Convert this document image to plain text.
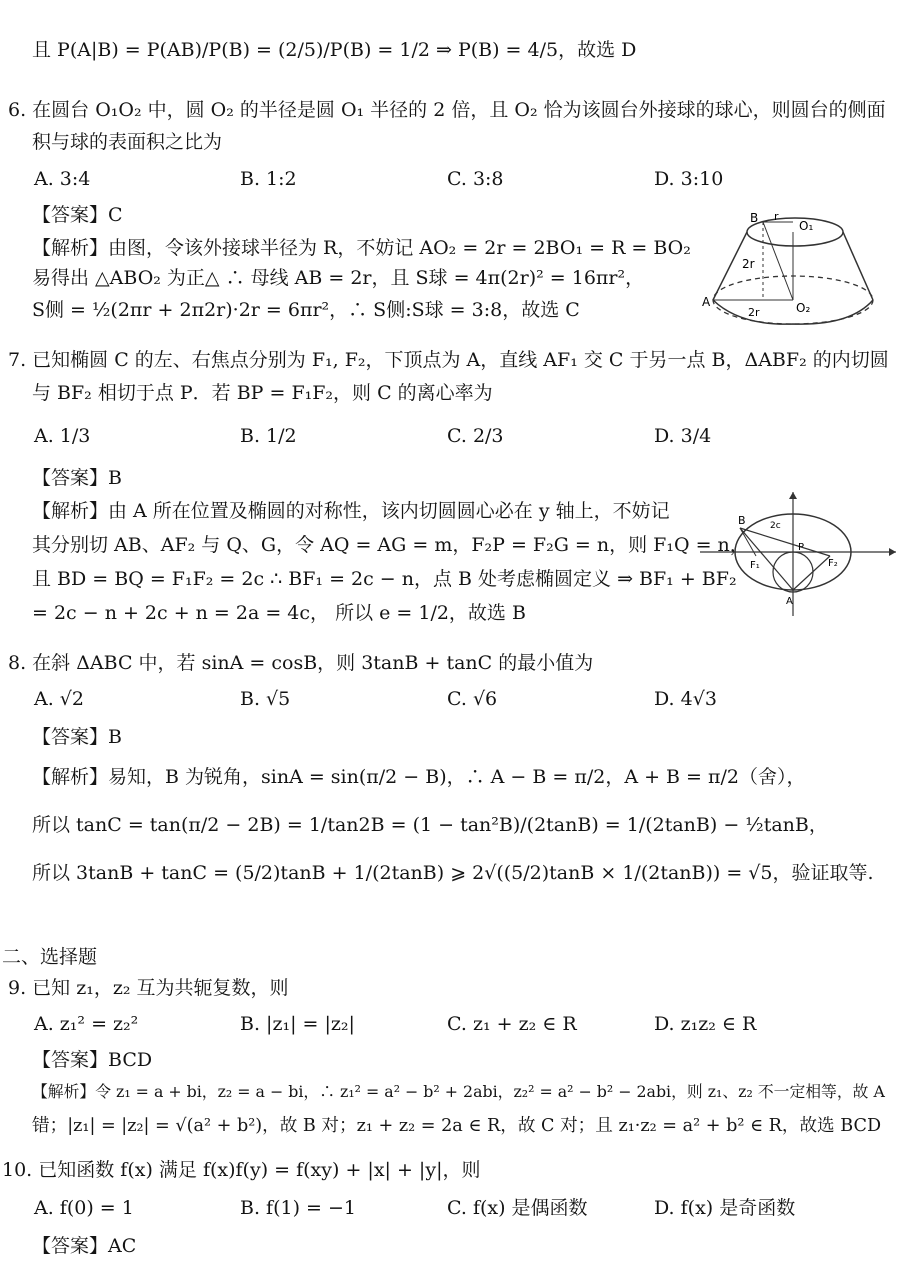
且 P(A|B) = P(AB)/P(B) = (2/5)/P(B) = 1/2 ⇒ P(B) = 4/5，故选 D
6. 在圆台 O₁O₂ 中，圆 O₂ 的半径是圆 O₁ 半径的 2 倍，且 O₂ 恰为该圆台外接球的球心，则圆台的侧面
积与球的表面积之比为
A. 3:4	B. 1:2	C. 3:8	D. 3:10
【答案】C
【解析】由图，令该外接球半径为 R，不妨记 AO₂ = 2r = 2BO₁ = R = BO₂
易得出 △ABO₂ 为正△ ∴ 母线 AB = 2r，且 S球 = 4π(2r)² = 16πr²，
S侧 = ½(2πr + 2π2r)·2r = 6πr²，∴ S侧:S球 = 3:8，故选 C
B r
O₁
2r
A
2r	O₂
7. 已知椭圆 C 的左、右焦点分别为 F₁, F₂，下顶点为 A，直线 AF₁ 交 C 于另一点 B，ΔABF₂ 的内切圆
与 BF₂ 相切于点 P．若 BP = F₁F₂，则 C 的离心率为
A. 1/3	B. 1/2	C. 2/3	D. 3/4
【答案】B
【解析】由 A 所在位置及椭圆的对称性，该内切圆圆心必在 y 轴上，不妨记
其分别切 AB、AF₂ 与 Q、G，令 AQ = AG = m，F₂P = F₂G = n，则 F₁Q = n，
且 BD = BQ = F₁F₂ = 2c ∴ BF₁ = 2c − n，点 B 处考虑椭圆定义 ⇒ BF₁ + BF₂
= 2c − n + 2c + n = 2a = 4c， 所以 e = 1/2，故选 B
B	2c
P
F₁	F₂
A
8. 在斜 ΔABC 中，若 sinA = cosB，则 3tanB + tanC 的最小值为
A. √2	B. √5	C. √6	D. 4√3
【答案】B
【解析】易知，B 为锐角，sinA = sin(π/2 − B)，∴ A − B = π/2，A + B = π/2（舍），
所以 tanC = tan(π/2 − 2B) = 1/tan2B = (1 − tan²B)/(2tanB) = 1/(2tanB) − ½tanB，
所以 3tanB + tanC = (5/2)tanB + 1/(2tanB) ⩾ 2√((5/2)tanB × 1/(2tanB)) = √5，验证取等.
二、选择题
9. 已知 z₁，z₂ 互为共轭复数，则
A. z₁² = z₂²	B. |z₁| = |z₂|	C. z₁ + z₂ ∈ R	D. z₁z₂ ∈ R
【答案】BCD
【解析】令 z₁ = a + bi，z₂ = a − bi，∴ z₁² = a² − b² + 2abi，z₂² = a² − b² − 2abi，则 z₁、z₂ 不一定相等，故 A
错；|z₁| = |z₂| = √(a² + b²)，故 B 对；z₁ + z₂ = 2a ∈ R，故 C 对；且 z₁·z₂ = a² + b² ∈ R，故选 BCD
10. 已知函数 f(x) 满足 f(x)f(y) = f(xy) + |x| + |y|，则
A. f(0) = 1	B. f(1) = −1	C. f(x) 是偶函数	D. f(x) 是奇函数
【答案】AC
